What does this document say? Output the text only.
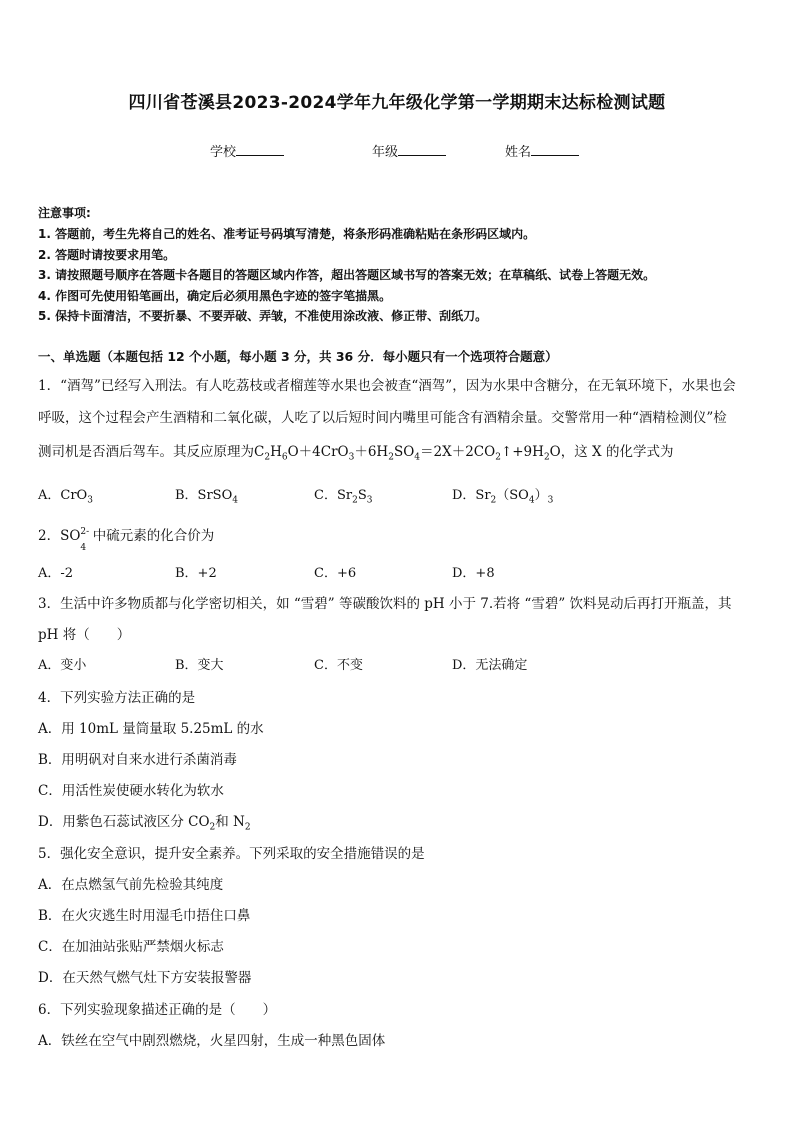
四川省苍溪县2023-2024学年九年级化学第一学期期末达标检测试题
学校	年级	姓名
注意事项:
1. 答题前，考生先将自己的姓名、准考证号码填写清楚，将条形码准确粘贴在条形码区域内。
2. 答题时请按要求用笔。
3. 请按照题号顺序在答题卡各题目的答题区域内作答，超出答题区域书写的答案无效；在草稿纸、试卷上答题无效。
4. 作图可先使用铅笔画出，确定后必须用黑色字迹的签字笔描黑。
5. 保持卡面清洁，不要折暴、不要弄破、弄皱，不准使用涂改液、修正带、刮纸刀。
一、单选题（本题包括 12 个小题，每小题 3 分，共 36 分．每小题只有一个选项符合题意）
1．“酒驾”已经写入刑法。有人吃荔枝或者榴莲等水果也会被查“酒驾”，因为水果中含糖分，在无氧环境下，水果也会
呼吸，这个过程会产生酒精和二氧化碳，人吃了以后短时间内嘴里可能含有酒精余量。交警常用一种“酒精检测仪”检
测司机是否酒后驾车。其反应原理为$C_2H_6O+4CrO_3+6H_2SO_4=2X+2CO_2↑+9H_2O$，这 X 的化学式为
A．CrO$_3$	B．SrSO$_4$	C．$Sr_2S_3$	D．$Sr_2(SO_4)_3$
2．SO 2-
4
中硫元素的化合价为
A．-2	B．+2	C．+6	D．+8
3．生活中许多物质都与化学密切相关，如 “雪碧” 等碳酸饮料的 pH 小于 7.若将 “雪碧” 饮料晃动后再打开瓶盖，其
pH 将（　　）
A．变小	B．变大	C．不变	D．无法确定
4．下列实验方法正确的是
A．用 10mL 量筒量取 5.25mL 的水
B．用明矾对自来水进行杀菌消毒
C．用活性炭使硬水转化为软水
D．用紫色石蕊试液区分 $CO_2$和 $N_2$
5．强化安全意识，提升安全素养。下列采取的安全措施错误的是
A．在点燃氢气前先检验其纯度
B．在火灾逃生时用湿毛巾捂住口鼻
C．在加油站张贴严禁烟火标志
D．在天然气燃气灶下方安装报警器
6．下列实验现象描述正确的是（　　）
A．铁丝在空气中剧烈燃烧，火星四射，生成一种黑色固体
